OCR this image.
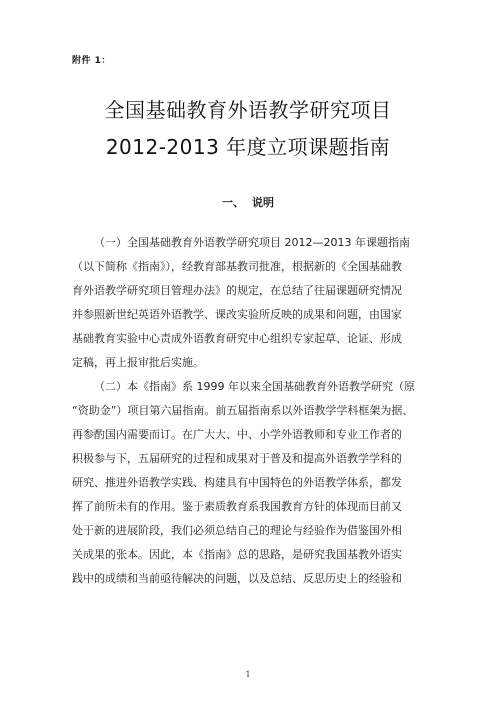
附件 1：
全国基础教育外语教学研究项目
2012-2013 年度立项课题指南
一、 说明
（一）全国基础教育外语教学研究项目 2012—2013 年课题指南
（以下简称《指南》），经教育部基教司批准，根据新的《全国基础教
育外语教学研究项目管理办法》的规定，在总结了往届课题研究情况
并参照新世纪英语外语教学、课改实验所反映的成果和问题，由国家
基础教育实验中心责成外语教育研究中心组织专家起草、论证、形成
定稿，再上报审批后实施。
（二）本《指南》系 1999 年以来全国基础教育外语教学研究（原
“资助金”）项目第六届指南。前五届指南系以外语教学学科框架为据、
再参酌国内需要而订。在广大大、中、小学外语教师和专业工作者的
积极参与下，五届研究的过程和成果对于普及和提高外语教学学科的
研究、推进外语教学实践、构建具有中国特色的外语教学体系，都发
挥了前所未有的作用。鉴于素质教育系我国教育方针的体现而目前又
处于新的进展阶段，我们必须总结自己的理论与经验作为借鉴国外相
关成果的张本。因此，本《指南》总的思路，是研究我国基教外语实
践中的成绩和当前亟待解决的问题，以及总结、反思历史上的经验和
1
